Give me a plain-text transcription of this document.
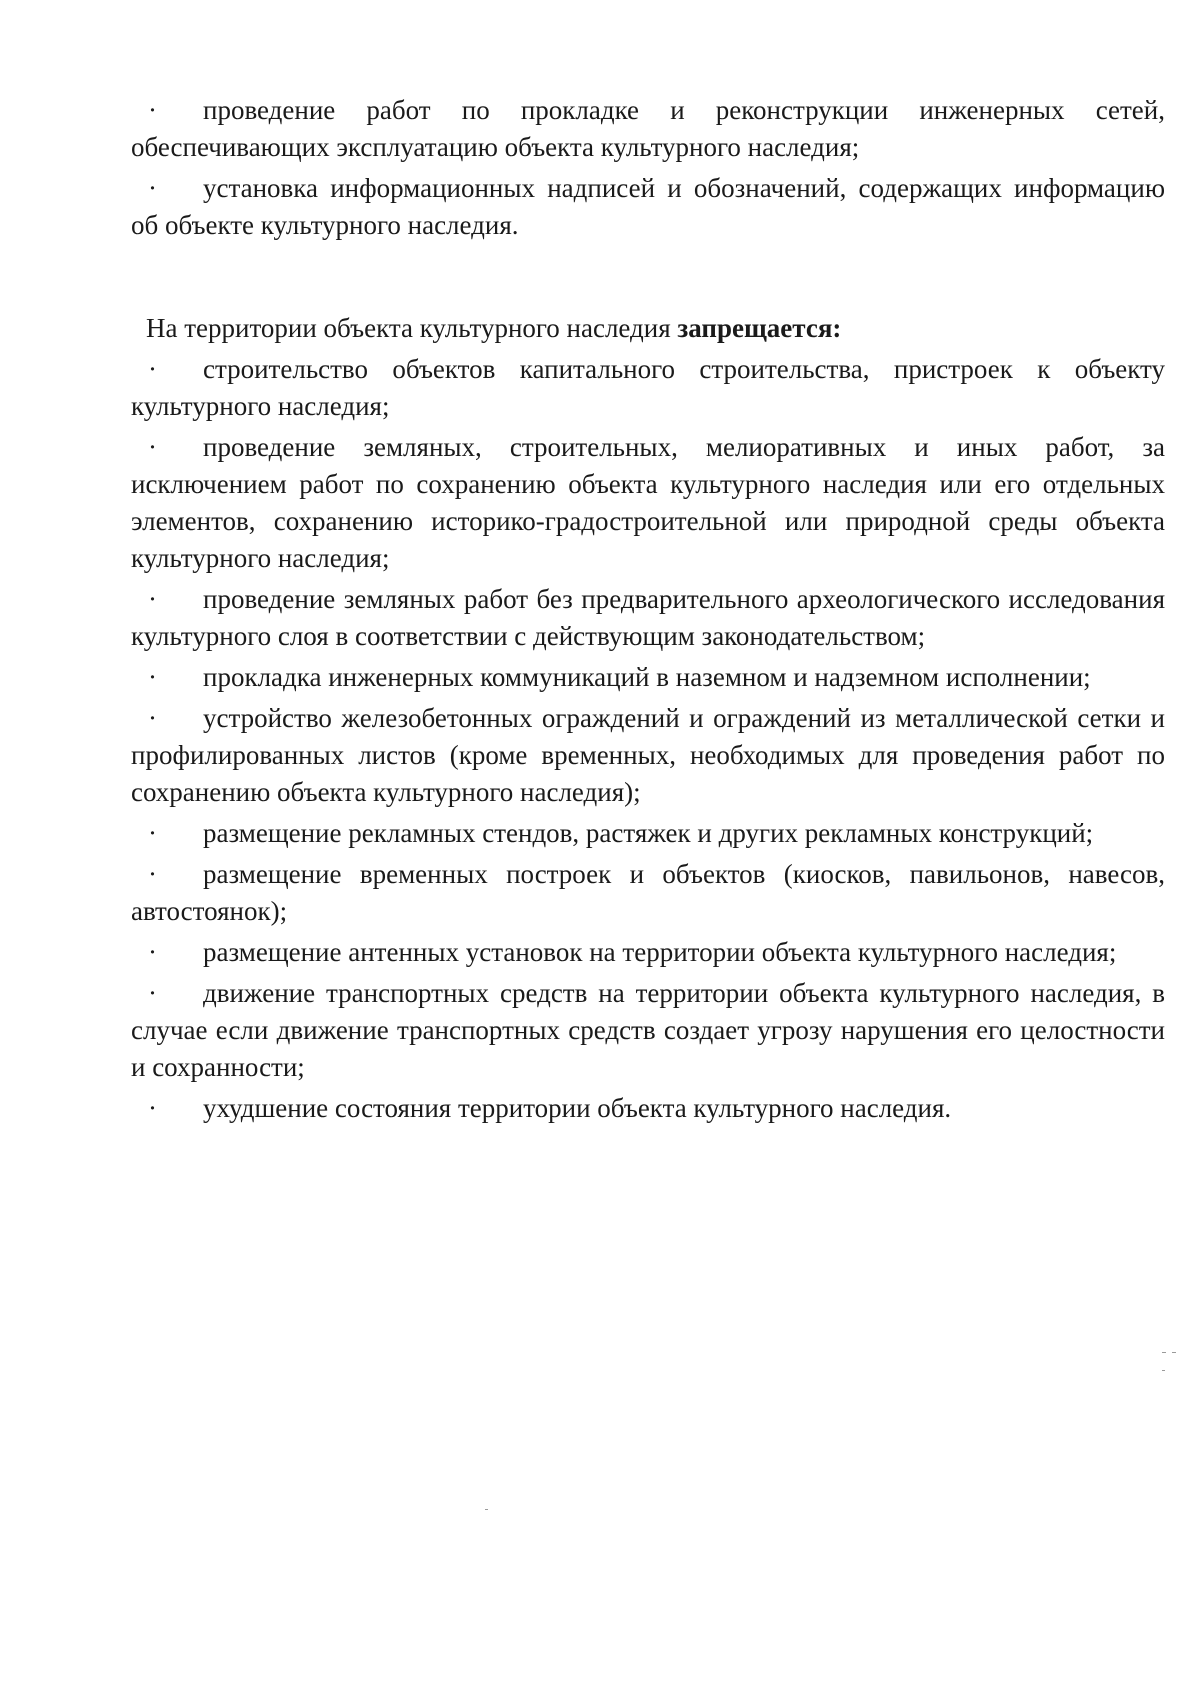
· проведение работ по прокладке и реконструкции инженерных сетей, обеспечивающих эксплуатацию объекта культурного наследия;

· установка информационных надписей и обозначений, содержащих информацию об объекте культурного наследия.

На территории объекта культурного наследия запрещается:

· строительство объектов капитального строительства, пристроек к объекту культурного наследия;

· проведение земляных, строительных, мелиоративных и иных работ, за исключением работ по сохранению объекта культурного наследия или его отдельных элементов, сохранению историко-градостроительной или природной среды объекта культурного наследия;

· проведение земляных работ без предварительного археологического исследования культурного слоя в соответствии с действующим законодательством;

· прокладка инженерных коммуникаций в наземном и надземном исполнении;

· устройство железобетонных ограждений и ограждений из металлической сетки и профилированных листов (кроме временных, необходимых для проведения работ по сохранению объекта культурного наследия);

· размещение рекламных стендов, растяжек и других рекламных конструкций;

· размещение временных построек и объектов (киосков, павильонов, навесов, автостоянок);

· размещение антенных установок на территории объекта культурного наследия;

· движение транспортных средств на территории объекта культурного наследия, в случае если движение транспортных средств создает угрозу нарушения его целостности и сохранности;

· ухудшение состояния территории объекта культурного наследия.
